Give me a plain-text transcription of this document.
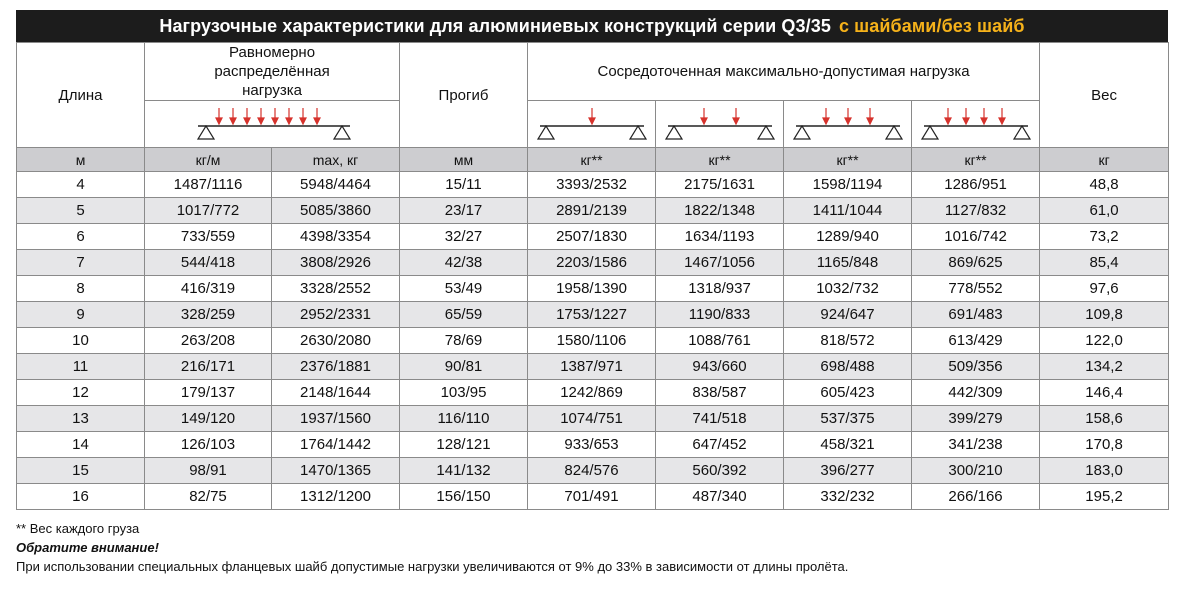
Нагрузочные характеристики для алюминиевых конструкций серии Q3/35 с шайбами/без шайб
Длина	Равномерно распределённая нагрузка		Прогиб	Сосредоточенная максимально-допустимая нагрузка				Вес

м	кг/м	max, кг	мм	кг**	кг**	кг**	кг**	кг
4	1487/1116	5948/4464	15/11	3393/2532	2175/1631	1598/1194	1286/951	48,8
5	1017/772	5085/3860	23/17	2891/2139	1822/1348	1411/1044	1127/832	61,0
6	733/559	4398/3354	32/27	2507/1830	1634/1193	1289/940	1016/742	73,2
7	544/418	3808/2926	42/38	2203/1586	1467/1056	1165/848	869/625	85,4
8	416/319	3328/2552	53/49	1958/1390	1318/937	1032/732	778/552	97,6
9	328/259	2952/2331	65/59	1753/1227	1190/833	924/647	691/483	109,8
10	263/208	2630/2080	78/69	1580/1106	1088/761	818/572	613/429	122,0
11	216/171	2376/1881	90/81	1387/971	943/660	698/488	509/356	134,2
12	179/137	2148/1644	103/95	1242/869	838/587	605/423	442/309	146,4
13	149/120	1937/1560	116/110	1074/751	741/518	537/375	399/279	158,6
14	126/103	1764/1442	128/121	933/653	647/452	458/321	341/238	170,8
15	98/91	1470/1365	141/132	824/576	560/392	396/277	300/210	183,0
16	82/75	1312/1200	156/150	701/491	487/340	332/232	266/166	195,2
** Вес каждого груза
Обратите внимание!
При использовании специальных фланцевых шайб допустимые нагрузки увеличиваются от 9% до 33% в зависимости от длины пролёта.
